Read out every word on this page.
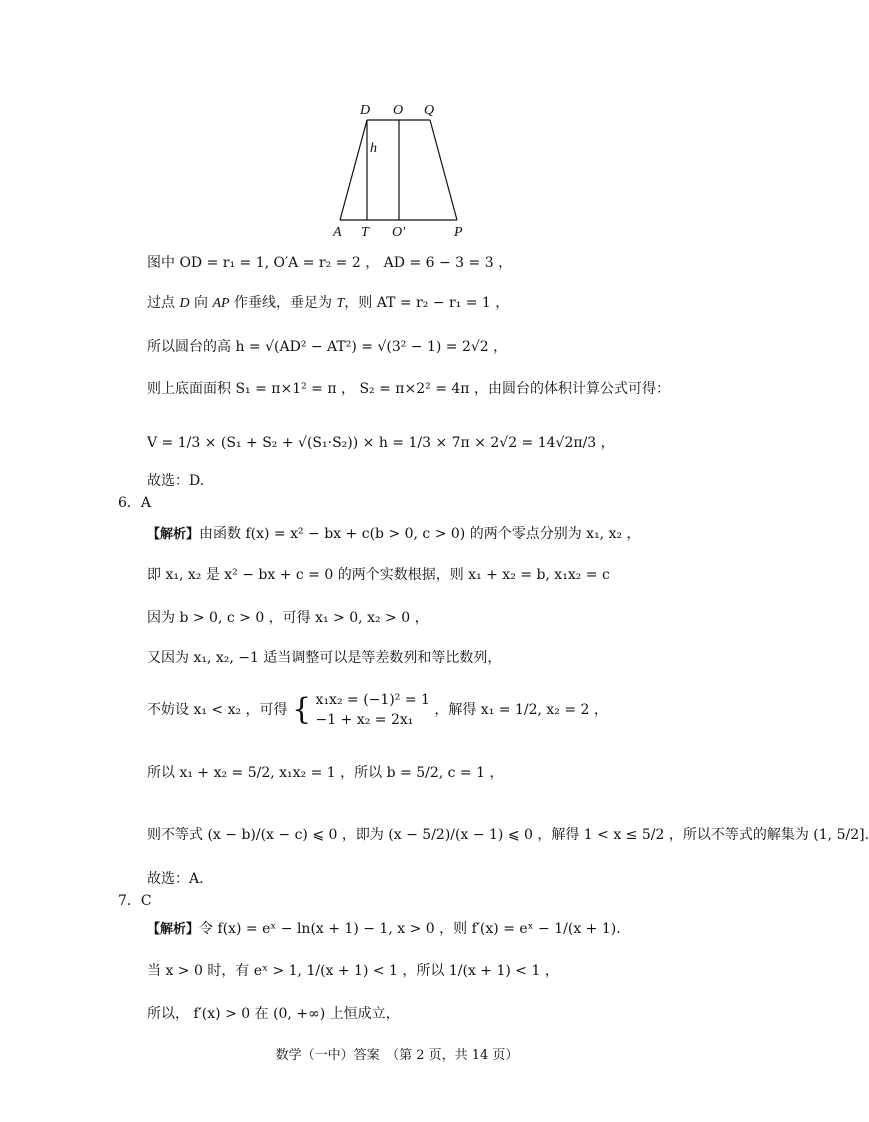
D O Q
h
A T O′	P
图中 OD = r₁ = 1, O′A = r₂ = 2 ， AD = 6 − 3 = 3 ，
过点 D 向 AP 作垂线，垂足为 T，则 AT = r₂ − r₁ = 1 ，
所以圆台的高 h = √(AD² − AT²) = √(3² − 1) = 2√2 ，
则上底面面积 S₁ = π×1² = π ， S₂ = π×2² = 4π ，由圆台的体积计算公式可得：
V = 1/3 × (S₁ + S₂ + √(S₁·S₂)) × h = 1/3 × 7π × 2√2 = 14√2π/3 ，
故选：D.
6．A
【解析】由函数 f(x) = x² − bx + c(b > 0, c > 0) 的两个零点分别为 x₁, x₂ ，
即 x₁, x₂ 是 x² − bx + c = 0 的两个实数根据，则 x₁ + x₂ = b, x₁x₂ = c
因为 b > 0, c > 0 ，可得 x₁ > 0, x₂ > 0 ，
又因为 x₁, x₂, −1 适当调整可以是等差数列和等比数列，
不妨设 x₁ < x₂ ，可得 { x₁x₂ = (−1)² = 1
−1 + x₂ = 2x₁
，解得 x₁ = 1/2, x₂ = 2 ，
所以 x₁ + x₂ = 5/2, x₁x₂ = 1 ，所以 b = 5/2, c = 1 ，
则不等式 (x − b)/(x − c) ⩽ 0 ，即为 (x − 5/2)/(x − 1) ⩽ 0 ，解得 1 < x ≤ 5/2 ，所以不等式的解集为 (1, 5/2].
故选：A.
7．C
【解析】令 f(x) = eˣ − ln(x + 1) − 1, x > 0 ，则 f′(x) = eˣ − 1/(x + 1).
当 x > 0 时，有 eˣ > 1, 1/(x + 1) < 1 ，所以 1/(x + 1) < 1 ，
所以， f′(x) > 0 在 (0, +∞) 上恒成立，
数学（一中）答案　（第 2 页，共 14 页）
